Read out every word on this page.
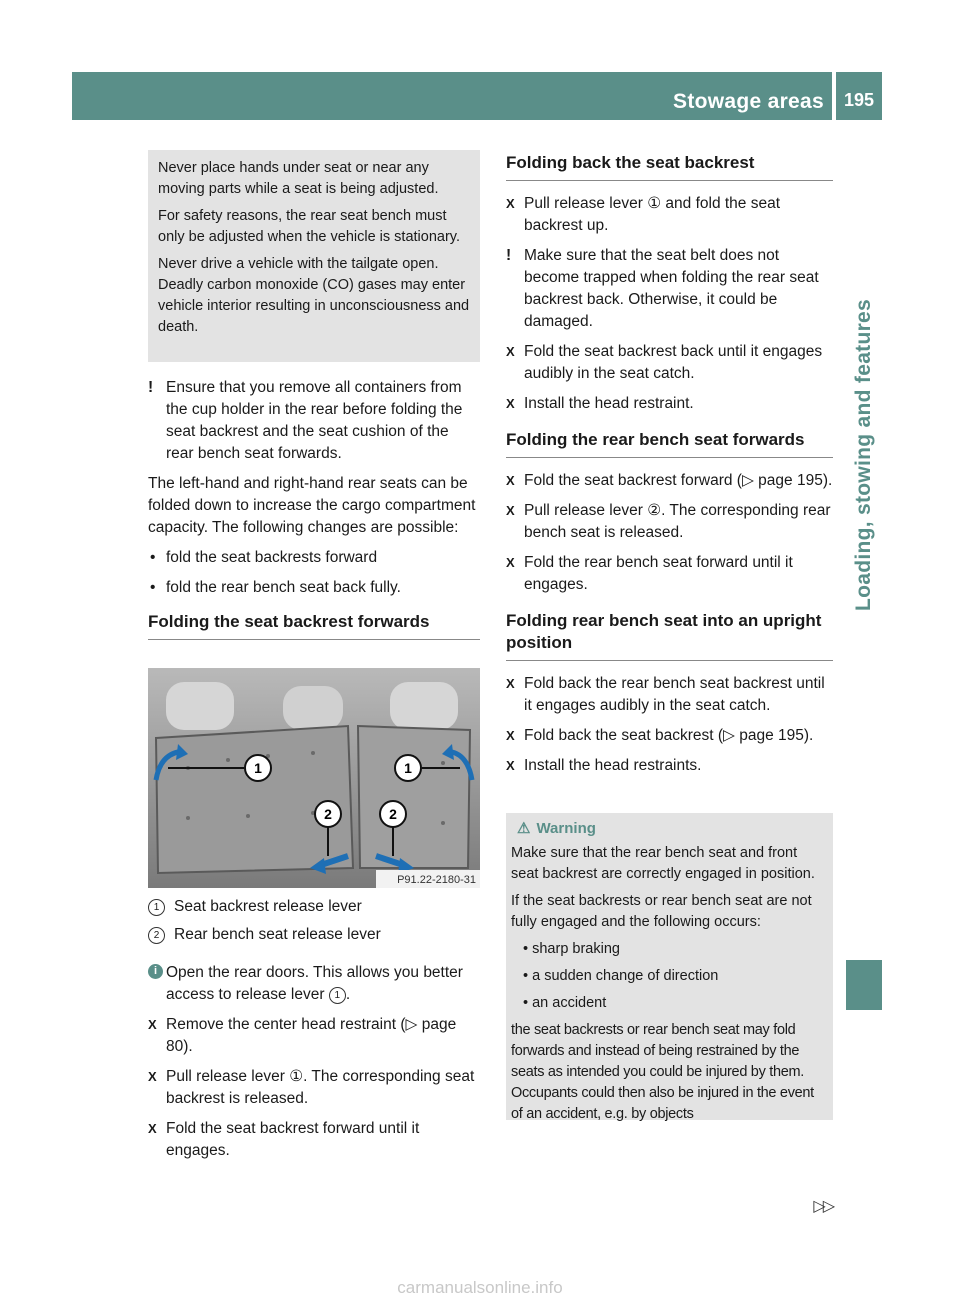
Stowage areas	195
Loading, stowing and features

Never place hands under seat or near any moving parts while a seat is being adjusted.

For safety reasons, the rear seat bench must only be adjusted when the vehicle is stationary.

Never drive a vehicle with the tailgate open. Deadly carbon monoxide (CO) gases may enter vehicle interior resulting in unconsciousness and death.

! Ensure that you remove all containers from the cup holder in the rear before folding the seat backrest and the seat cushion of the rear bench seat forwards.

The left-hand and right-hand rear seats can be folded down to increase the cargo compartment capacity. The following changes are possible:

• fold the seat backrests forward
• fold the rear bench seat back fully.
Folding the seat backrest forwards
1	1
2	2
P91.22-2180-31
1 Seat backrest release lever
2 Rear bench seat release lever
i Open the rear doors. This allows you better access to release lever 1 .
X Remove the center head restraint (▷ page 80).
X Pull release lever ①. The corresponding seat backrest is released.
X Fold the seat backrest forward until it engages.
Folding back the seat backrest
X Pull release lever ① and fold the seat backrest up.
! Make sure that the seat belt does not become trapped when folding the rear seat backrest back. Otherwise, it could be damaged.
X Fold the seat backrest back until it engages audibly in the seat catch.
X Install the head restraint.
Folding the rear bench seat forwards
X Fold the seat backrest forward (▷ page 195).
X Pull release lever ②. The corresponding rear bench seat is released.
X Fold the rear bench seat forward until it engages.
Folding rear bench seat into an upright position
X Fold back the rear bench seat backrest until it engages audibly in the seat catch.
X Fold back the seat backrest (▷ page 195).
X Install the head restraints.
⚠ Warning

Make sure that the rear bench seat and front seat backrest are correctly engaged in position.

If the seat backrests or rear bench seat are not fully engaged and the following occurs:

• sharp braking

• a sudden change of direction

• an accident

the seat backrests or rear bench seat may fold forwards and instead of being restrained by the seats as intended you could be injured by them. Occupants could then also be injured in the event of an accident, e.g. by objects

▷▷
carmanualsonline.info
